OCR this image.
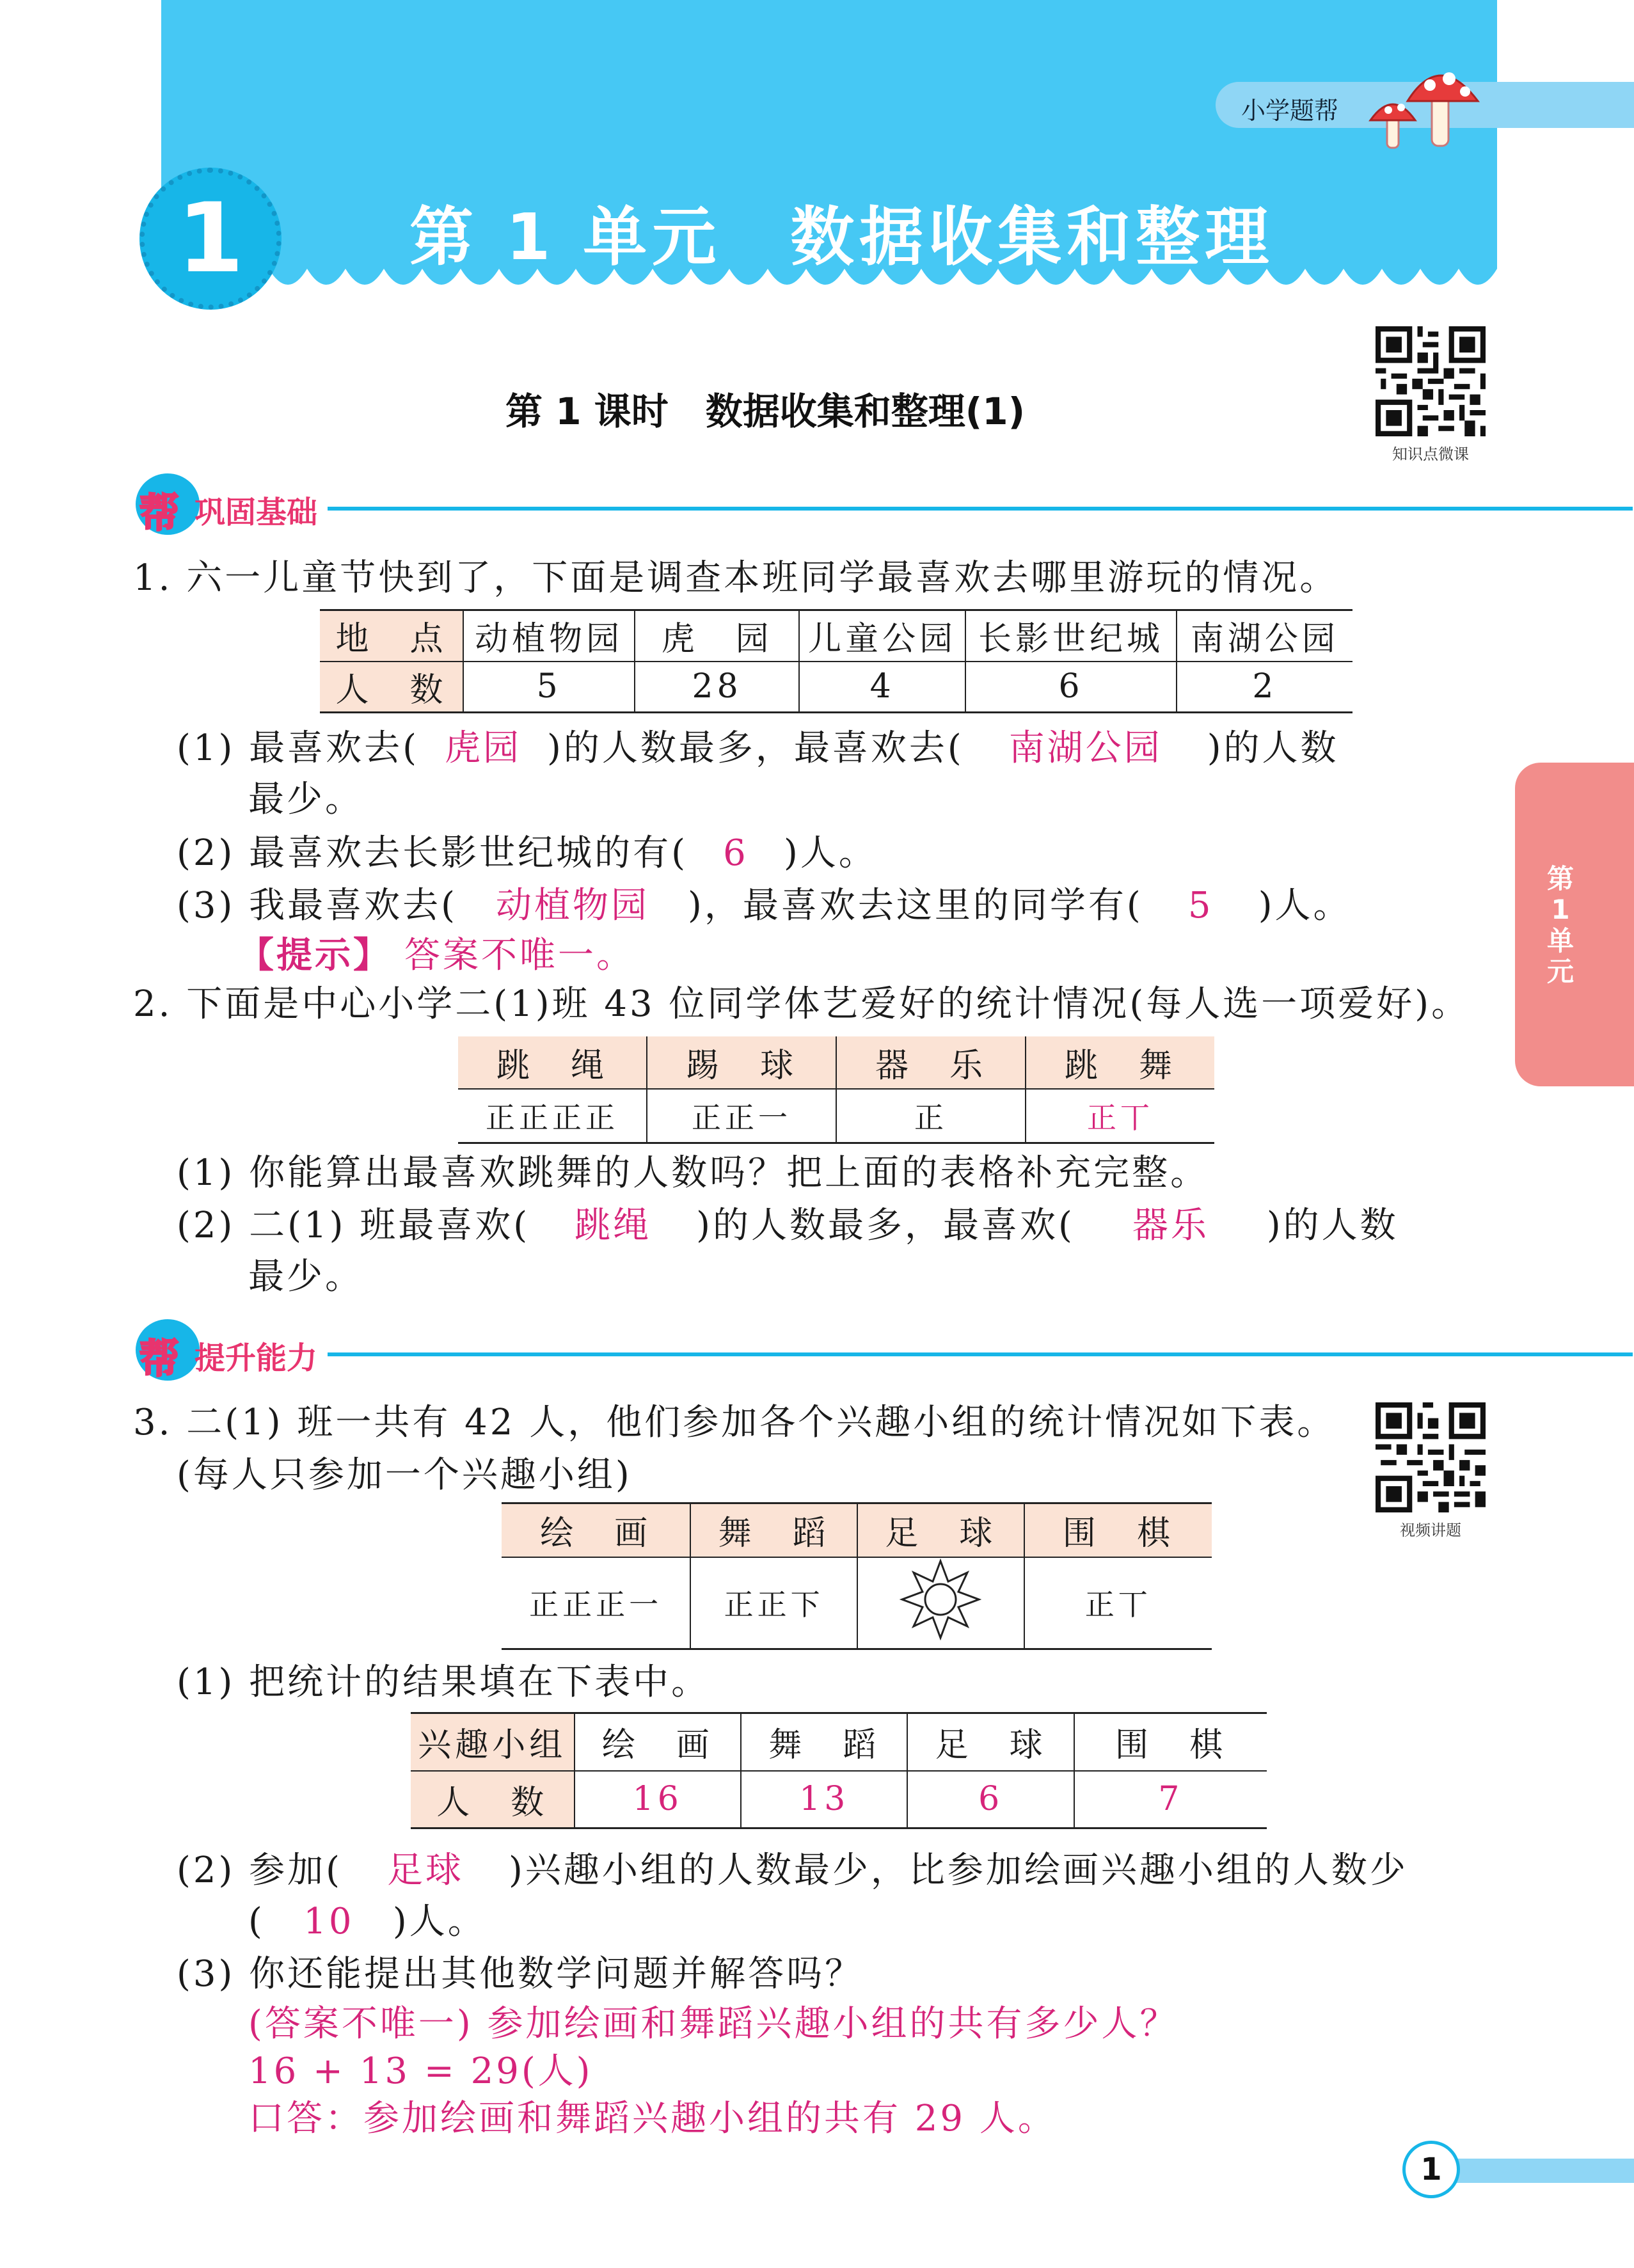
小学题帮
1	第 1 单元　数据收集和整理
第 1 课时　数据收集和整理(1)
知识点微课
帮 巩固基础
1. 六一儿童节快到了，下面是调查本班同学最喜欢去哪里游玩的情况。
地　点	动植物园	虎　园	儿童公园	长影世纪城	南湖公园
人　数	5	28	4	6	2
(1) 最喜欢去( 虎园 )的人数最多，最喜欢去( 南湖公园 )的人数
最少。
(2) 最喜欢去长影世纪城的有( 6 )人。
(3) 我最喜欢去( 动植物园 )，最喜欢去这里的同学有( 5 )人。
【提示】 答案不唯一。
2. 下面是中心小学二(1)班 43 位同学体艺爱好的统计情况(每人选一项爱好)。
跳　绳	踢　球	器　乐	跳　舞
正正正正	正正一	正	正丅
(1) 你能算出最喜欢跳舞的人数吗？把上面的表格补充完整。
(2) 二(1) 班最喜欢( 跳绳 )的人数最多，最喜欢( 器乐 )的人数
最少。
帮 提升能力
3. 二(1) 班一共有 42 人，他们参加各个兴趣小组的统计情况如下表。
(每人只参加一个兴趣小组)
视频讲题
绘　画	舞　蹈	足　球	围　棋
正正正一	正正下		正丅
(1) 把统计的结果填在下表中。
兴趣小组	绘　画	舞　蹈	足　球	围　棋
人　数	16	13	6	7
(2) 参加( 足球 )兴趣小组的人数最少，比参加绘画兴趣小组的人数少
( 10 )人。
(3) 你还能提出其他数学问题并解答吗？
(答案不唯一) 参加绘画和舞蹈兴趣小组的共有多少人？
16 + 13 = 29(人)
口答：参加绘画和舞蹈兴趣小组的共有 29 人。
第1单元
1
